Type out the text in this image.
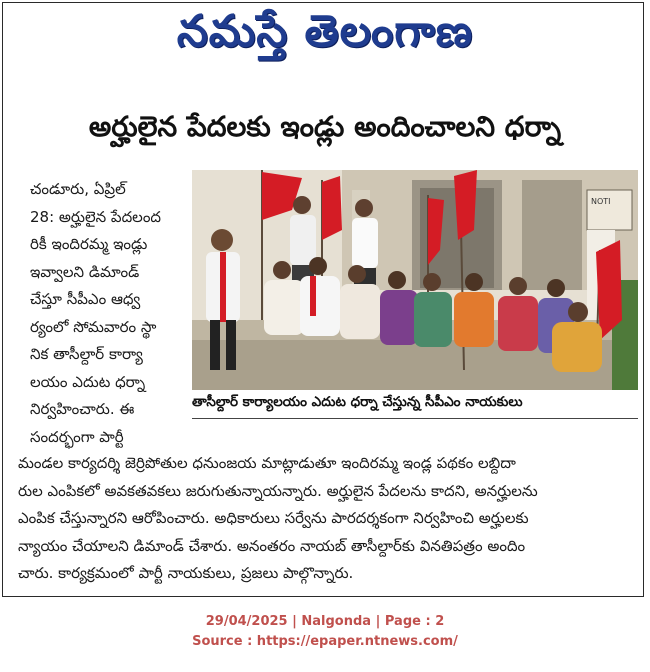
నమస్తే తెలంగాణ
అర్హులైన పేదలకు ఇండ్లు అందించాలని ధర్నా
చండూరు, ఏప్రిల్
28: అర్హులైన పేదలంద
రికీ ఇందిరమ్మ ఇండ్లు
ఇవ్వాలని డిమాండ్
చేస్తూ సీపీఎం ఆధ్వ
ర్యంలో సోమవారం స్థా
నిక తాసీల్దార్ కార్యా
లయం ఎదుట ధర్నా
నిర్వహించారు. ఈ
సందర్భంగా పార్టీ
NOTI
తాసీల్దార్ కార్యాలయం ఎదుట ధర్నా చేస్తున్న సీపీఎం నాయకులు
మండల కార్యదర్శి జెర్రిపోతుల ధనుంజయ మాట్లాడుతూ ఇందిరమ్మ ఇండ్ల పథకం లబ్దిదా
రుల ఎంపికలో అవకతవకలు జరుగుతున్నాయన్నారు. అర్హులైన పేదలను కాదని, అనర్హులను
ఎంపిక చేస్తున్నారని ఆరోపించారు. అధికారులు సర్వేను పారదర్శకంగా నిర్వహించి అర్హులకు
న్యాయం చేయాలని డిమాండ్ చేశారు. అనంతరం నాయబ్ తాసీల్దార్‌కు వినతిపత్రం అందిం
చారు. కార్యక్రమంలో పార్టీ నాయకులు, ప్రజలు పాల్గొన్నారు.
29/04/2025 | Nalgonda | Page : 2
Source : https://epaper.ntnews.com/
